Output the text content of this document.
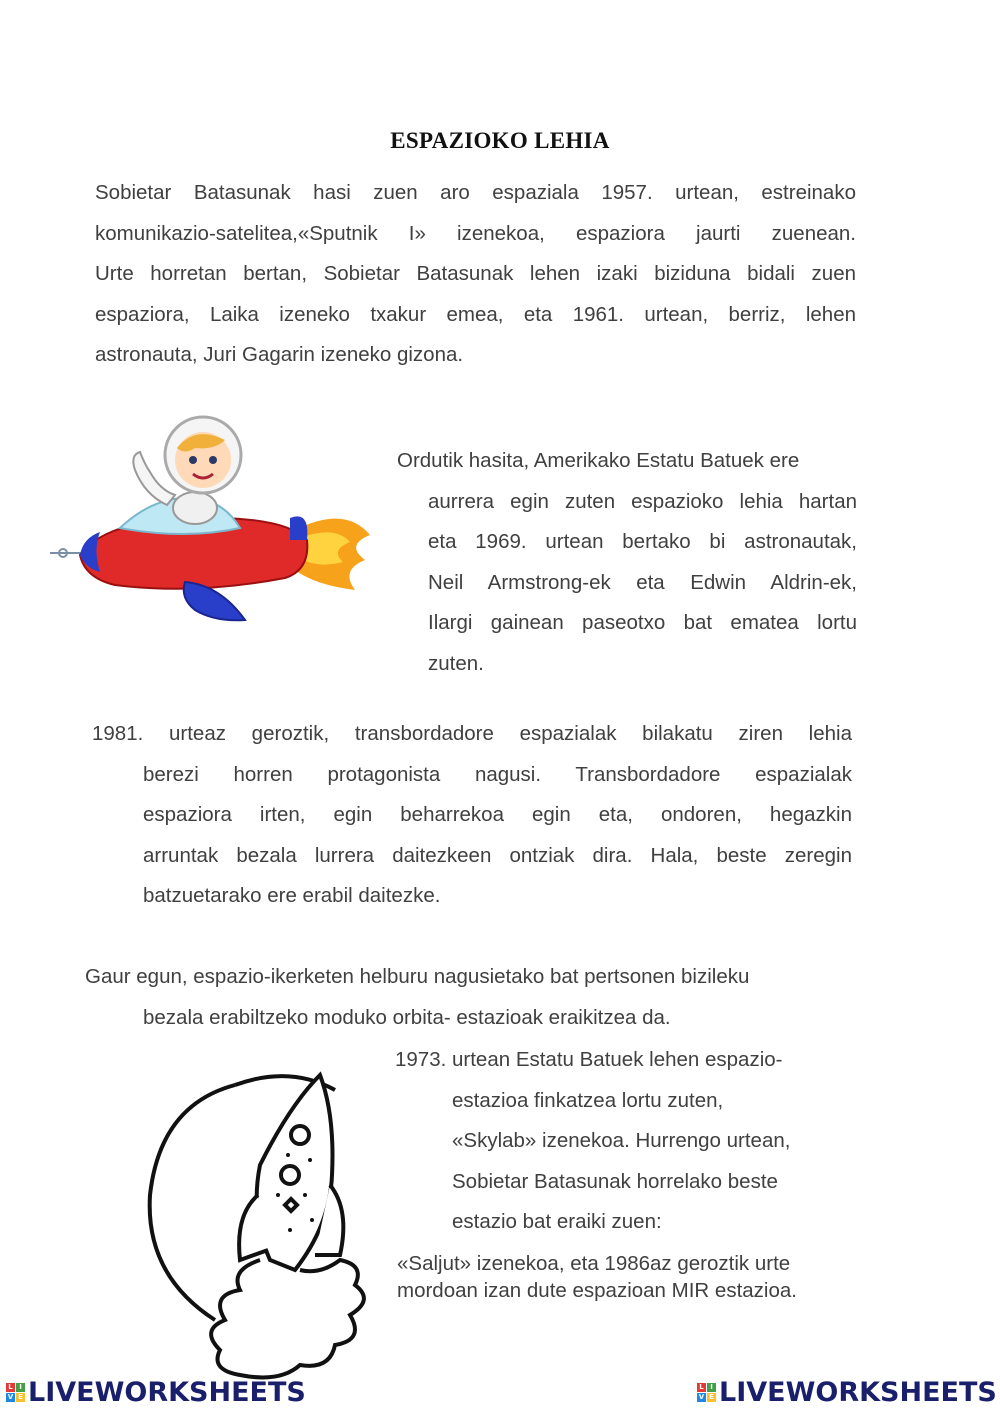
ESPAZIOKO LEHIA
Sobietar Batasunak hasi zuen aro espaziala 1957. urtean, estreinako
komunikazio-satelitea,«Sputnik I» izenekoa, espaziora jaurti zuenean.
Urte horretan bertan, Sobietar Batasunak lehen izaki biziduna bidali zuen
espaziora, Laika izeneko txakur emea, eta 1961. urtean, berriz, lehen
astronauta, Juri Gagarin izeneko gizona.
Ordutik hasita, Amerikako Estatu Batuek ere
aurrera egin zuten espazioko lehia hartan
eta 1969. urtean bertako bi astronautak,
Neil Armstrong-ek eta Edwin Aldrin-ek,
Ilargi gainean paseotxo bat ematea lortu
zuten.
1981. urteaz geroztik, transbordadore espazialak bilakatu ziren lehia
berezi horren protagonista nagusi. Transbordadore espazialak
espaziora irten, egin beharrekoa egin eta, ondoren, hegazkin
arruntak bezala lurrera daitezkeen ontziak dira. Hala, beste zeregin
batzuetarako ere erabil daitezke.
Gaur egun, espazio-ikerketen helburu nagusietako bat pertsonen bizileku
bezala erabiltzeko moduko orbita- estazioak eraikitzea da.
1973. urtean Estatu Batuek lehen espazio-
estazioa finkatzea lortu zuten,
«Skylab» izenekoa. Hurrengo urtean,
Sobietar Batasunak horrelako beste
estazio bat eraiki zuen:
«Saljut» izenekoa, eta 1986az geroztik urte
mordoan izan dute espazioan MIR estazioa.
L I
V E LIVEWORKSHEETS	L I
V E LIVEWORKSHEETS
